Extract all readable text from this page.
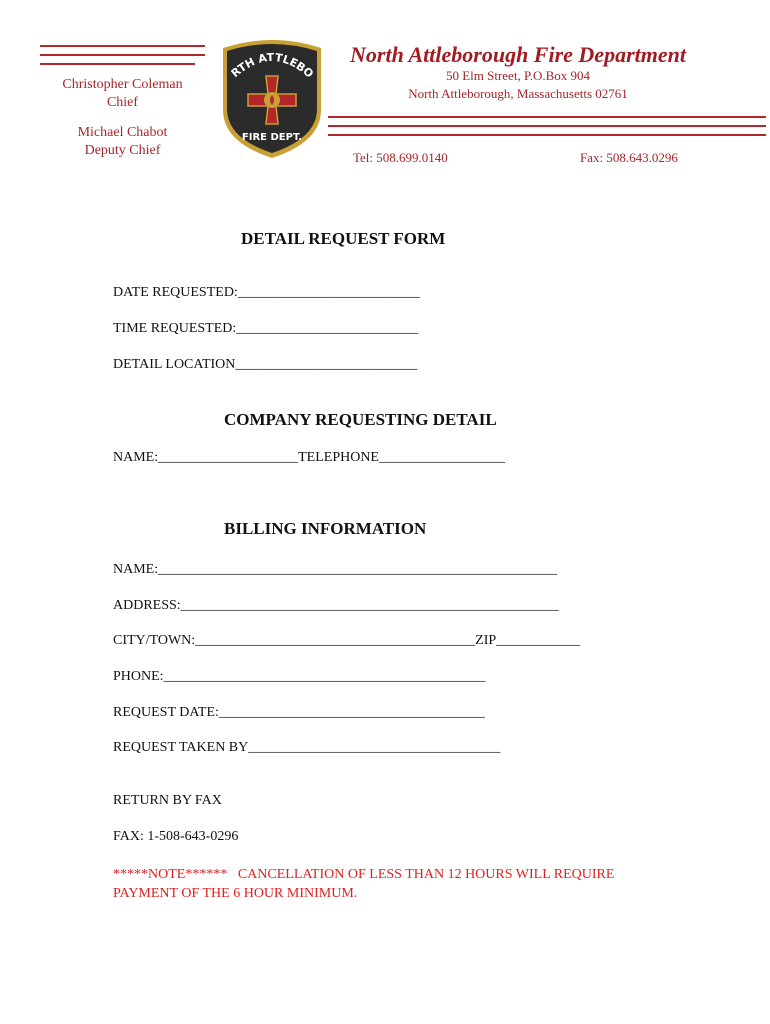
Christopher Coleman
Chief
Michael Chabot
Deputy Chief
RTH ATTLEBO
FIRE DEPT.
North Attleborough Fire Department
50 Elm Street, P.O.Box 904
North Attleborough, Massachusetts 02761
Tel: 508.699.0140	Fax: 508.643.0296
DETAIL REQUEST FORM
DATE REQUESTED:__________________________
TIME REQUESTED:__________________________
DETAIL LOCATION__________________________
COMPANY REQUESTING DETAIL
NAME:____________________TELEPHONE__________________
BILLING INFORMATION
NAME:_________________________________________________________
ADDRESS:______________________________________________________
CITY/TOWN:________________________________________ZIP____________
PHONE:______________________________________________
REQUEST DATE:______________________________________
REQUEST TAKEN BY____________________________________
RETURN BY FAX
FAX: 1-508-643-0296
*****NOTE******   CANCELLATION OF LESS THAN 12 HOURS WILL REQUIRE
PAYMENT OF THE 6 HOUR MINIMUM.
